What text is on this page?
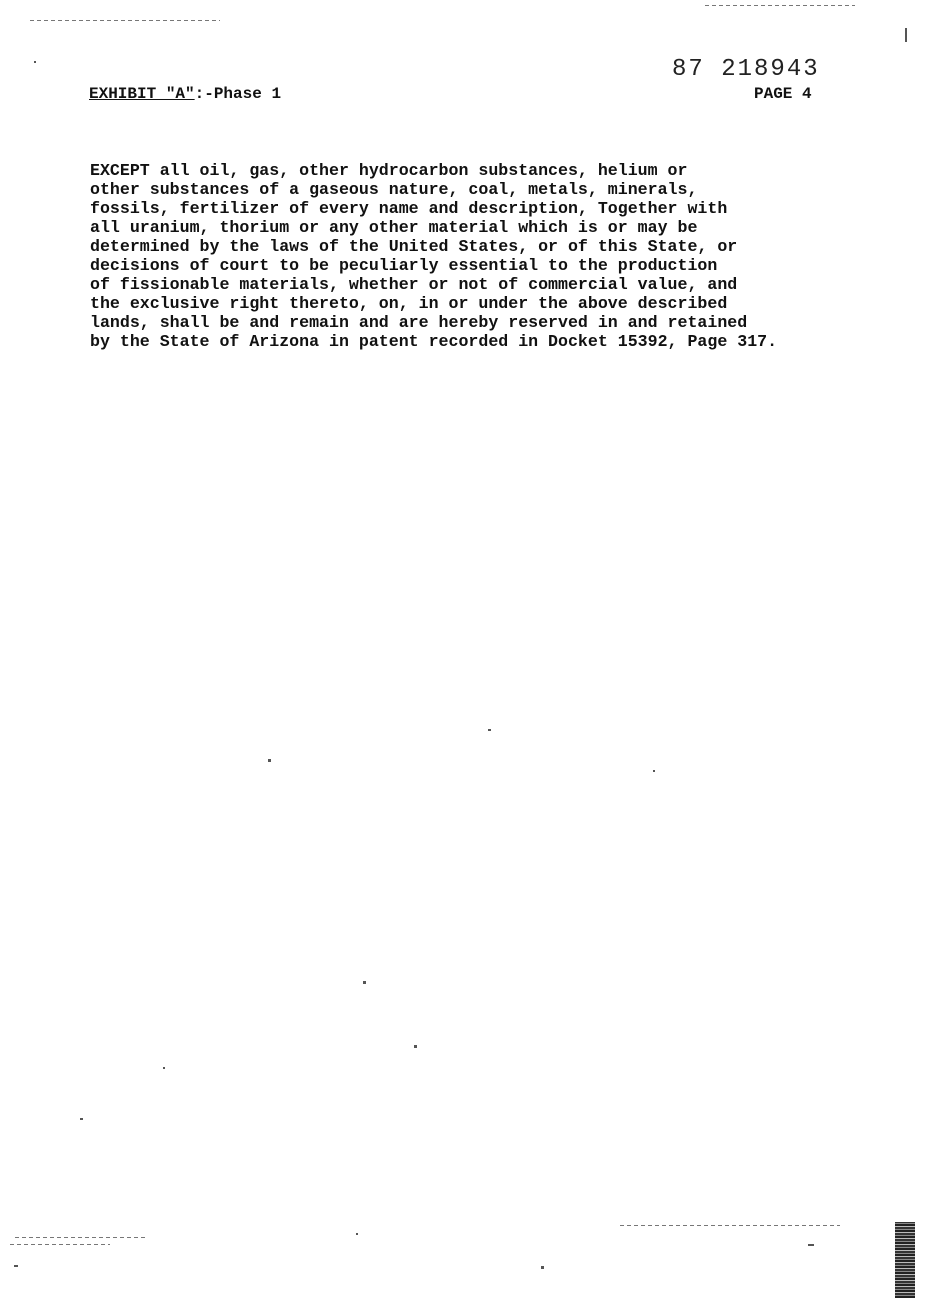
87 218943
EXHIBIT "A":-Phase 1	PAGE 4
EXCEPT all oil, gas, other hydrocarbon substances, helium or
other substances of a gaseous nature, coal, metals, minerals,
fossils, fertilizer of every name and description, Together with
all uranium, thorium or any other material which is or may be
determined by the laws of the United States, or of this State, or
decisions of court to be peculiarly essential to the production
of fissionable materials, whether or not of commercial value, and
the exclusive right thereto, on, in or under the above described
lands, shall be and remain and are hereby reserved in and retained
by the State of Arizona in patent recorded in Docket 15392, Page 317.
